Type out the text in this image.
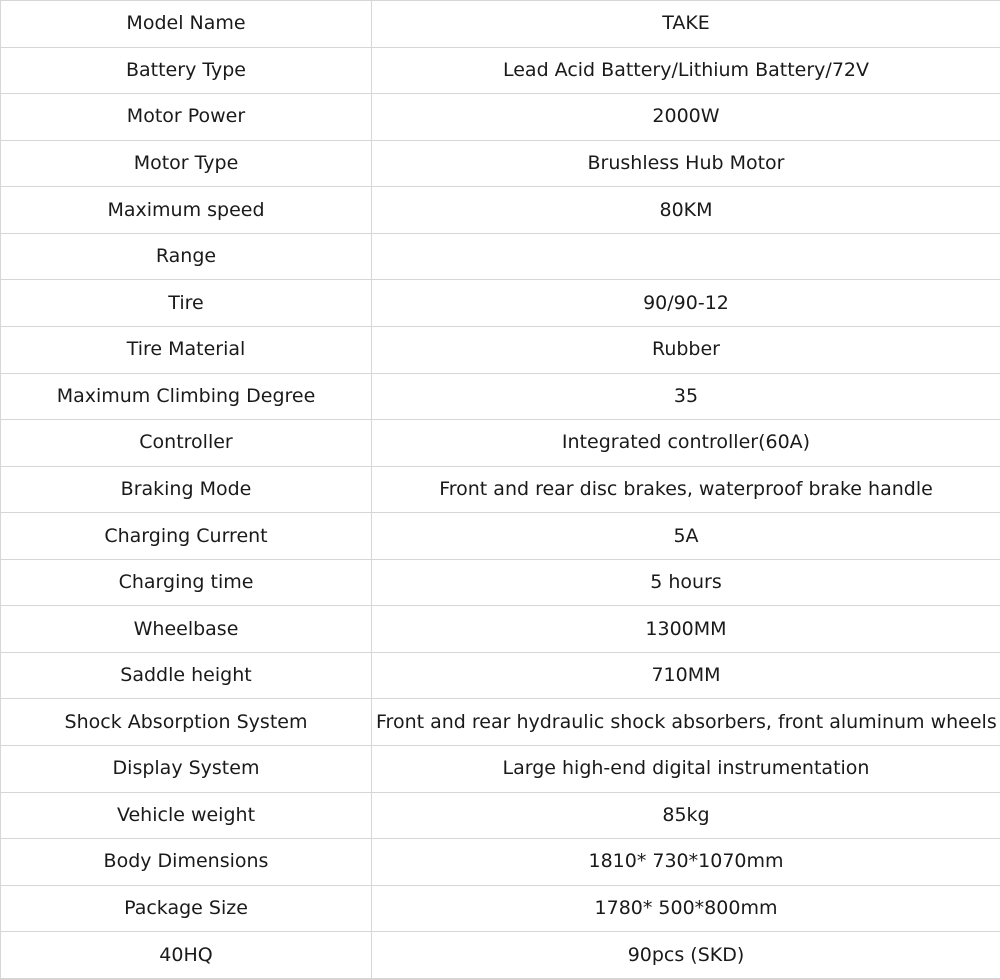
Model Name	TAKE
Battery Type	Lead Acid Battery/Lithium Battery/72V
Motor Power	2000W
Motor Type	Brushless Hub Motor
Maximum speed	80KM
Range	
Tire	90/90-12
Tire Material	Rubber
Maximum Climbing Degree	35
Controller	Integrated controller(60A)
Braking Mode	Front and rear disc brakes, waterproof brake handle
Charging Current	5A
Charging time	5 hours
Wheelbase	1300MM
Saddle height	710MM
Shock Absorption System	Front and rear hydraulic shock absorbers, front aluminum wheels
Display System	Large high-end digital instrumentation
Vehicle weight	85kg
Body Dimensions	1810* 730*1070mm
Package Size	1780* 500*800mm
40HQ	90pcs (SKD)
